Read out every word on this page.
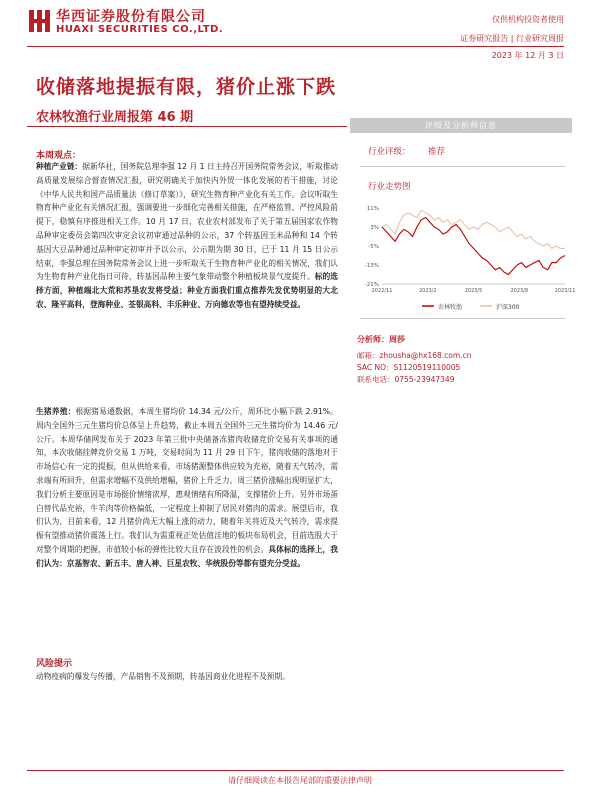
华西证券股份有限公司
HUAXI SECURITIES CO.,LTD.
仅供机构投资者使用
证券研究报告 | 行业研究周报
2023 年 12 月 3 日
收储落地提振有限，猪价止涨下跌
农林牧渔行业周报第 46 期
评级及分析师信息
行业评级： 推荐
行业走势图
11%
3%
-5%
-13%
-21%
2022/11	2023/2	2023/5	2023/8	2023/11
农林牧渔	沪深300
分析师：周莎
邮箱：zhousha@hx168.com.cn
SAC NO：S1120519110005
联系电话：0755-23947349
本周观点：
种植产业链：据新华社，国务院总理李强 12 月 1 日主持召开国务院常务会议，听取推动高质量发展综合督查情况汇报，研究明确关于加快内外贸一体化发展的若干措施，讨论《中华人民共和国产品质量法（修订草案）》，研究生物育种产业化有关工作。会议听取生物育种产业化有关情况汇报，强调要进一步细化完善相关措施，在严格监管、严控风险前提下，稳慎有序推进相关工作。10 月 17 日，农业农村部发布了关于第五届国家农作物品种审定委员会第四次审定会议初审通过品种的公示，37 个转基因玉米品种和 14 个转基因大豆品种通过品种审定初审并予以公示，公示期为期 30 日，已于 11 月 15 日公示结束，李强总理在国务院常务会议上进一步听取关于生物育种产业化的相关情况，我们认为生物育种产业化指日可待，转基因品种主要气象带动整个种植板块景气度提升。标的选择方面，种植端北大荒和苏垦农发将受益；种业方面我们重点推荐先发优势明显的大北农、隆平高科，登海种业、荃银高科、丰乐种业、万向德农等也有望持续受益。
生猪养殖：根据猪易通数据，本周生猪均价 14.34 元/公斤，周环比小幅下跌 2.91%。周内全国外三元生猪均价总体呈上升趋势，截止本周五全国外三元生猪均价为 14.46 元/公斤。本周华储网发布关于 2023 年第三批中央储备冻猪肉收储竞价交易有关事项的通知，本次收储挂牌竞价交易 1 万吨，交易时间为 11 月 29 日下午，猪肉收储的落地对于市场信心有一定的提振，但从供给来看，市场猪源整体供应较为充裕，随着天气转冷，需求端有所回升，但需求增幅不及供给增幅，猪价上升乏力。周三猪价涨幅出现明显扩大，我们分析主要原因是市场挺价情绪浓厚，惠观情绪有所降温，支撑猪价上升。另外市场蛋白替代品充裕，牛羊肉等价格偏低，一定程度上抑制了居民对猪肉的需求。展望后市，我们认为，目前来看，12 月猪价尚无大幅上涨的动力，随着年关将近及天气转冷，需求提振有望推动猪价震荡上行。我们认为需重视正处估值洼地的板块布局机会，目前选股大于对整个周期的把握，市值较小标的弹性比较大且存在波段性的机会。具体标的选择上，我们认为：京基智农、新五丰、唐人神、巨星农牧、华统股份等都有望充分受益。
风险提示
动物疫病的爆发与传播，产品销售不及预期，转基因商业化进程不及预期。
请仔细阅读在本报告尾部的重要法律声明
